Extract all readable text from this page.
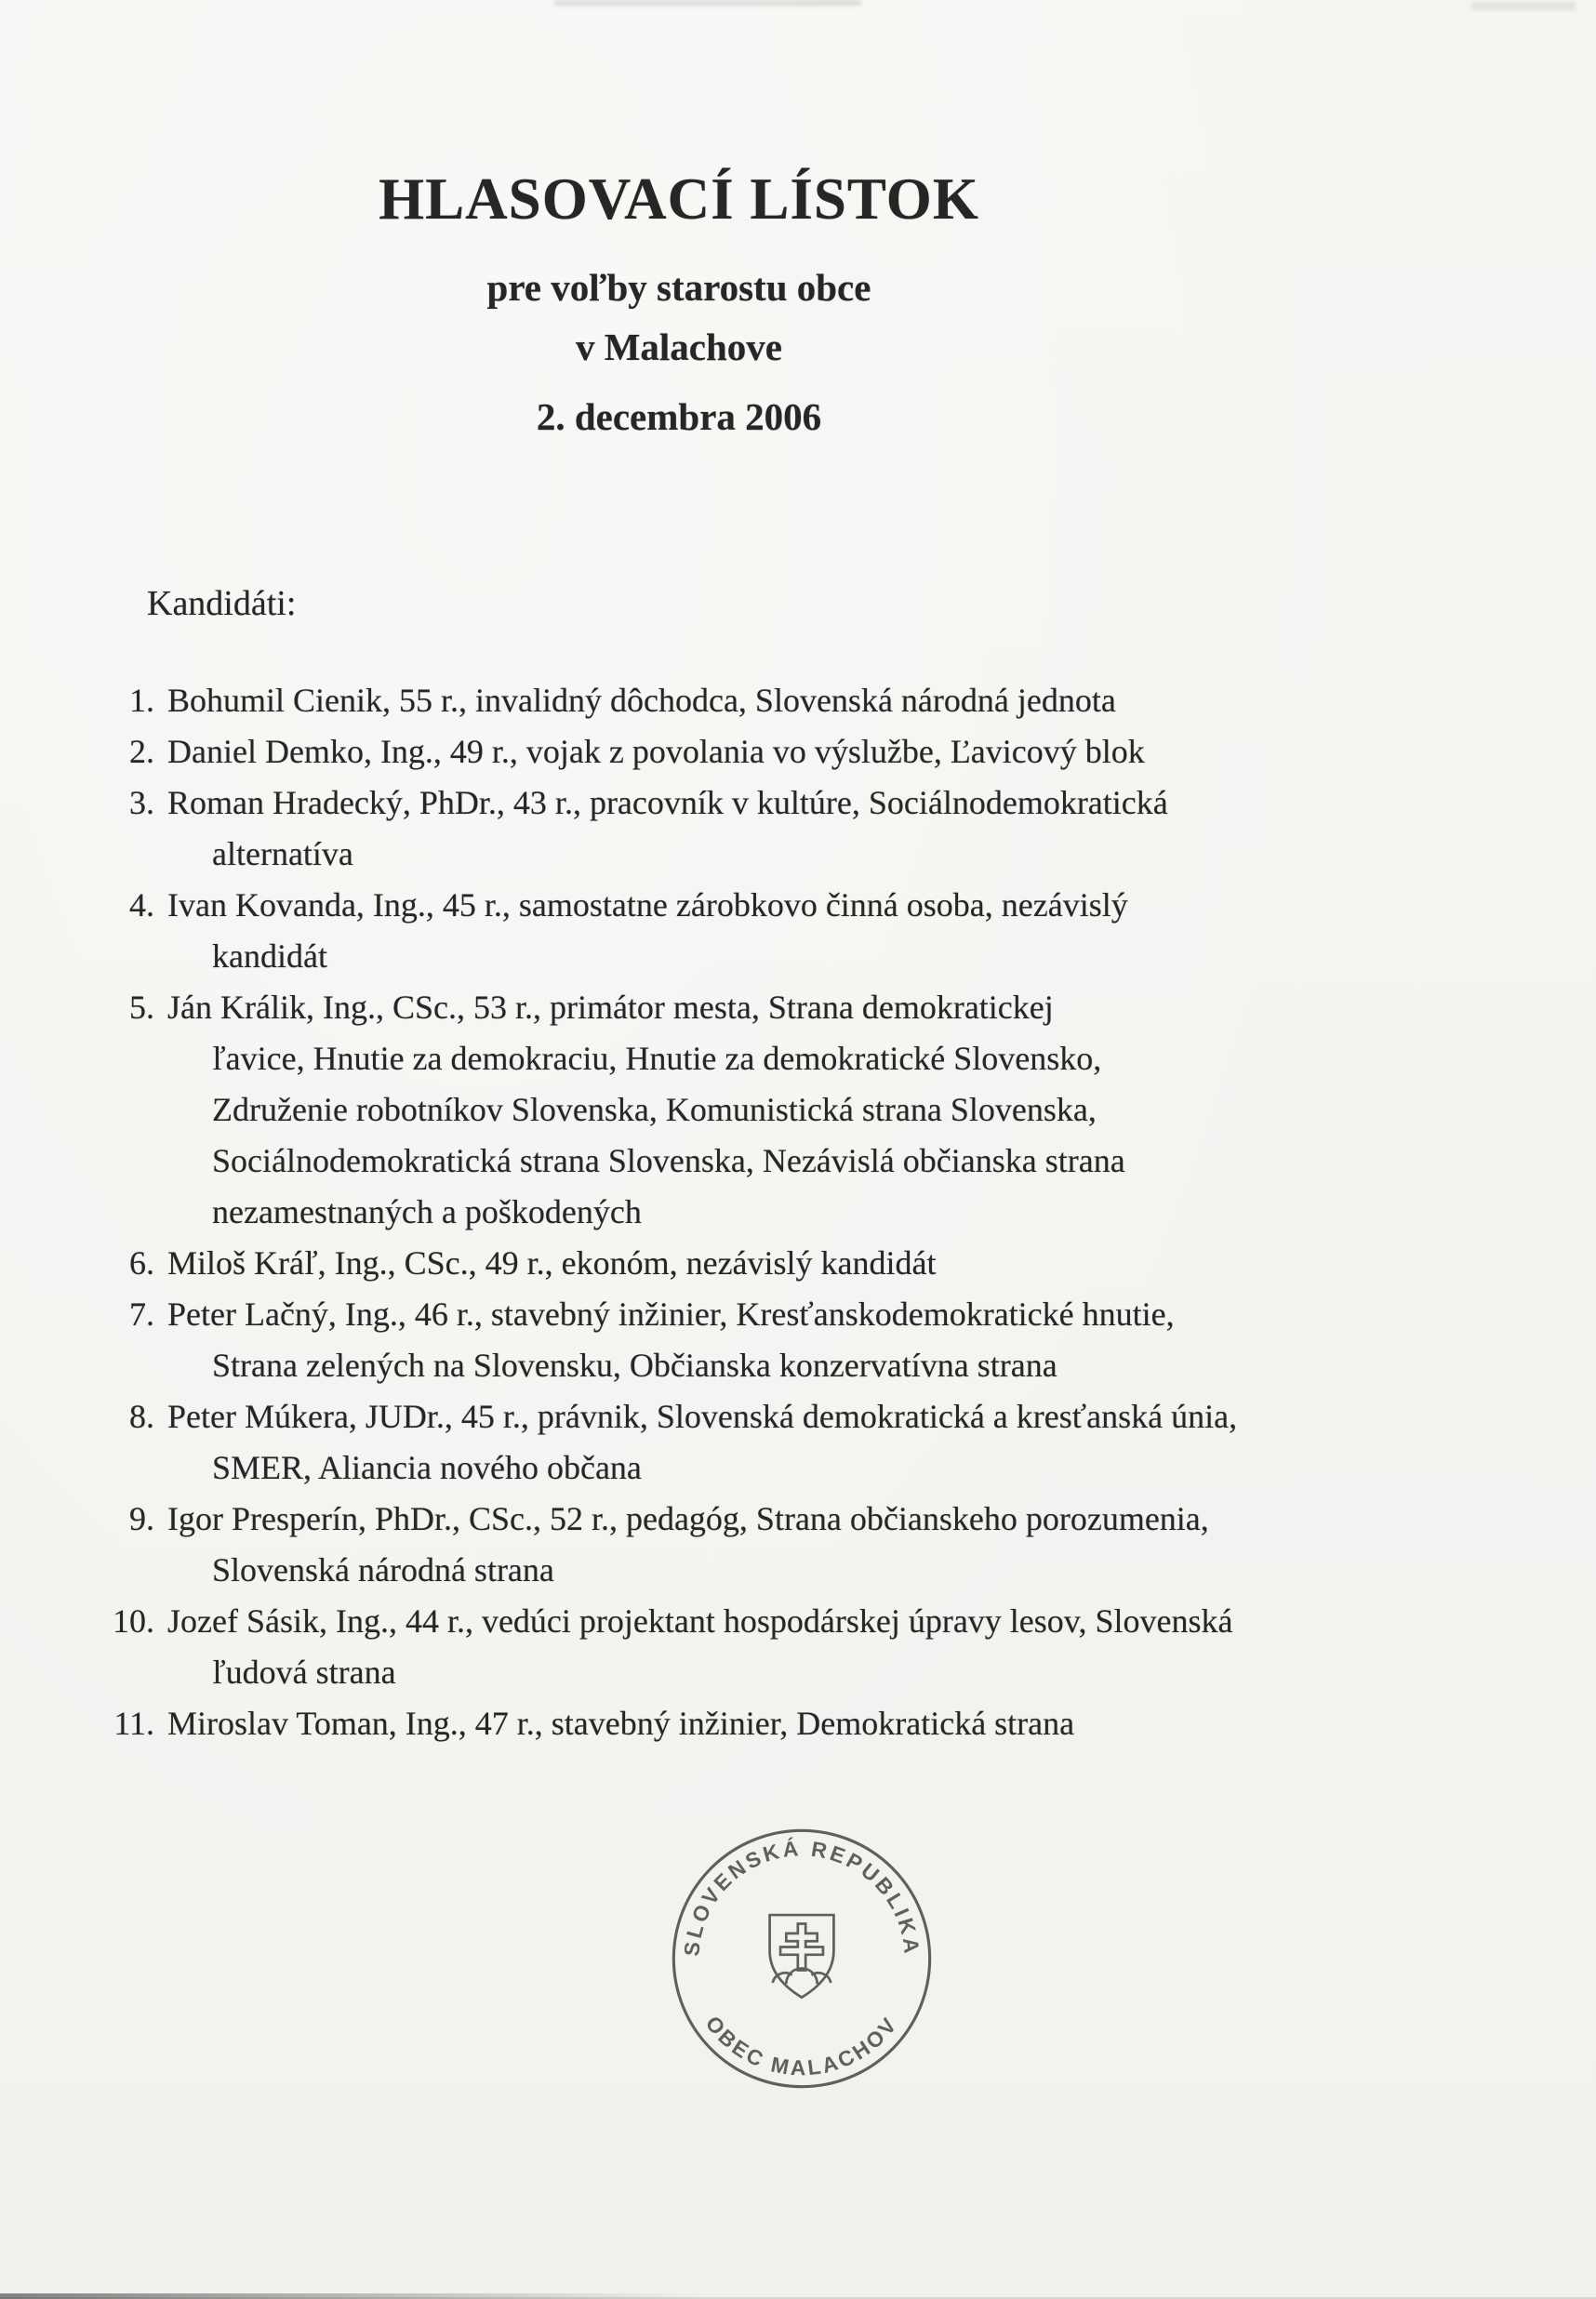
HLASOVACÍ LÍSTOK
pre voľby starostu obce
v Malachove
2. decembra 2006
Kandidáti:
1. Bohumil Cienik, 55 r., invalidný dôchodca, Slovenská národná jednota
2. Daniel Demko, Ing., 49 r., vojak z povolania vo výslužbe, Ľavicový blok
3. Roman Hradecký, PhDr., 43 r., pracovník v kultúre, Sociálnodemokratická
alternatíva
4. Ivan Kovanda, Ing., 45 r., samostatne zárobkovo činná osoba, nezávislý
kandidát
5. Ján Králik, Ing., CSc., 53 r., primátor mesta, Strana demokratickej
ľavice, Hnutie za demokraciu, Hnutie za demokratické Slovensko,
Združenie robotníkov Slovenska, Komunistická strana Slovenska,
Sociálnodemokratická strana Slovenska, Nezávislá občianska strana
nezamestnaných a poškodených
6. Miloš Kráľ, Ing., CSc., 49 r., ekonóm, nezávislý kandidát
7. Peter Lačný, Ing., 46 r., stavebný inžinier, Kresťanskodemokratické hnutie,
Strana zelených na Slovensku, Občianska konzervatívna strana
8. Peter Múkera, JUDr., 45 r., právnik, Slovenská demokratická a kresťanská únia,
SMER, Aliancia nového občana
9. Igor Presperín, PhDr., CSc., 52 r., pedagóg, Strana občianskeho porozumenia,
Slovenská národná strana
10. Jozef Sásik, Ing., 44 r., vedúci projektant hospodárskej úpravy lesov, Slovenská
ľudová strana
11. Miroslav Toman, Ing., 47 r., stavebný inžinier, Demokratická strana
SLOVENSKÁ REPUBLIKA
OBEC MALACHOV
